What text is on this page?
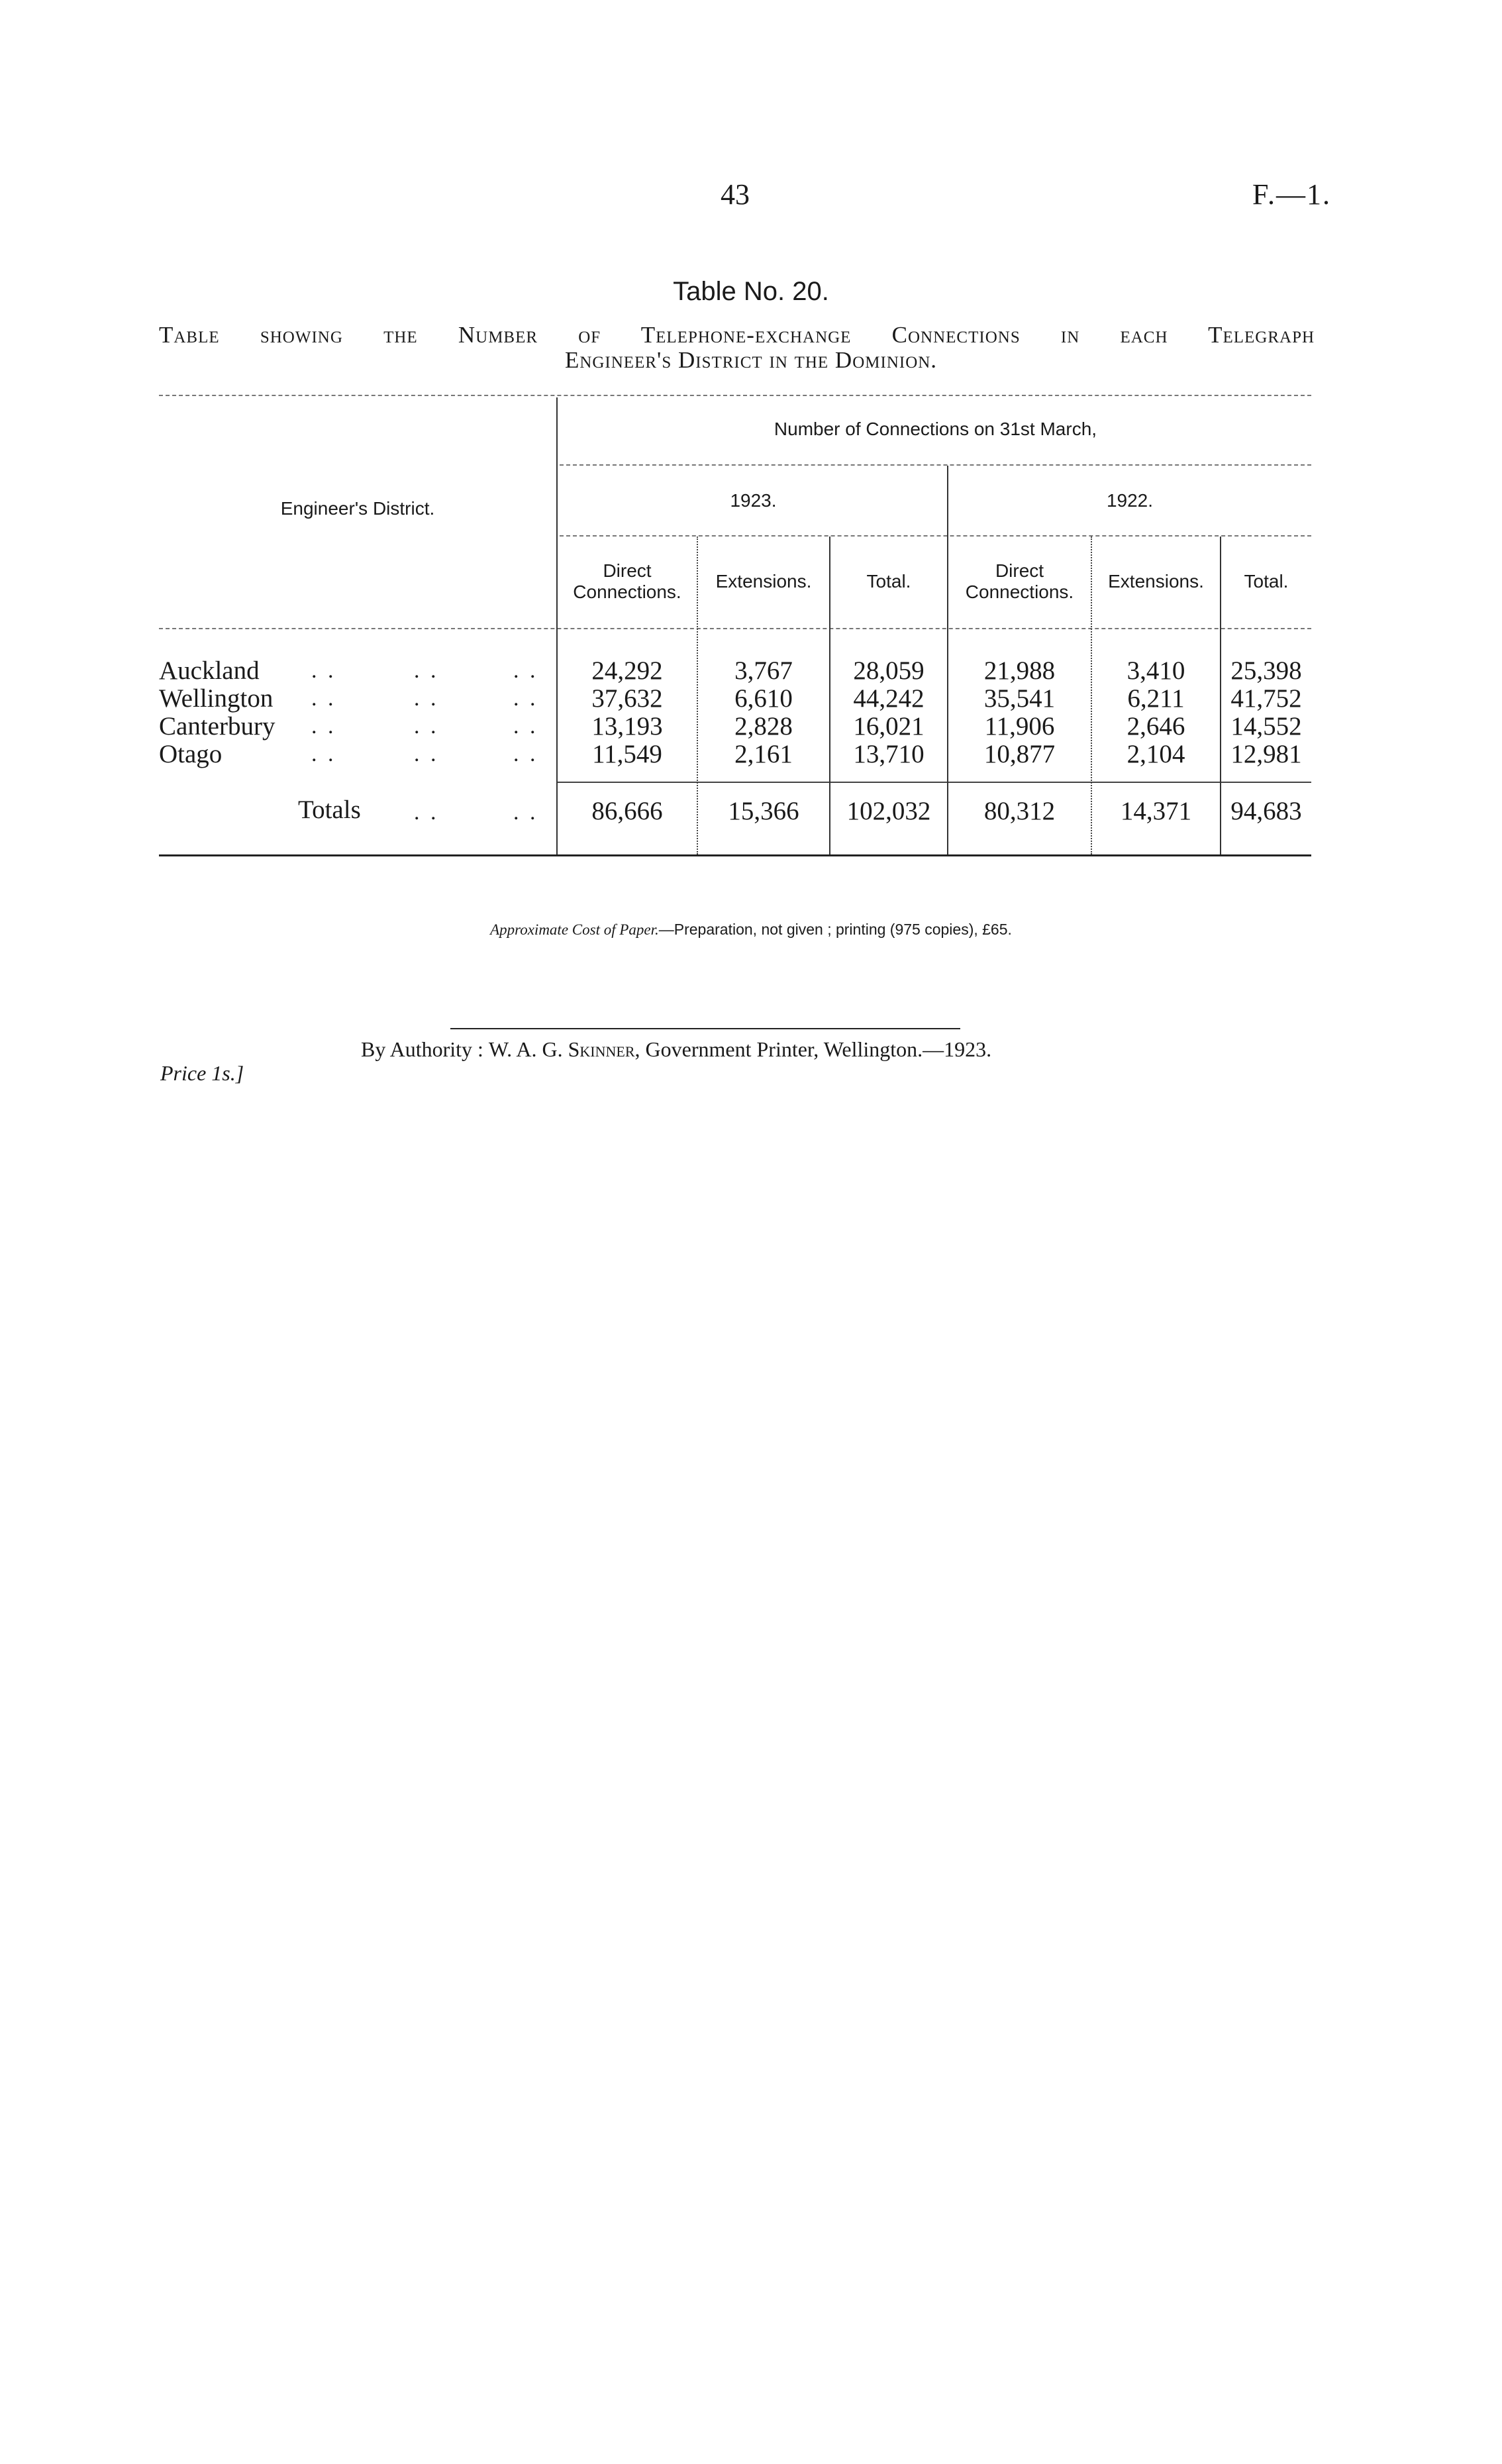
43	F.—1.
Table No. 20.
Table showing the Number of Telephone-exchange Connections in each Telegraph
Engineer's District in the Dominion.
Engineer's District.
Number of Connections on 31st March,
1923.	1922.
Direct
Connections.
Extensions.	Total.
Direct
Connections.
Extensions.	Total.
Auckland . .	. .	. .	24,292	3,767	28,059	21,988	3,410	25,398
Wellington . .	. .	. .	37,632	6,610	44,242	35,541	6,211	41,752
Canterbury . .	. .	. .	13,193	2,828	16,021	11,906	2,646	14,552
Otago	. .	. .	. .	11,549	2,161	13,710	10,877	2,104	12,981
Totals . .	. .	86,666	15,366	102,032	80,312	14,371	94,683
Approximate Cost of Paper.—Preparation, not given ; printing (975 copies), £65.
By Authority : W. A. G. Skinner, Government Printer, Wellington.—1923.
Price 1s.]
